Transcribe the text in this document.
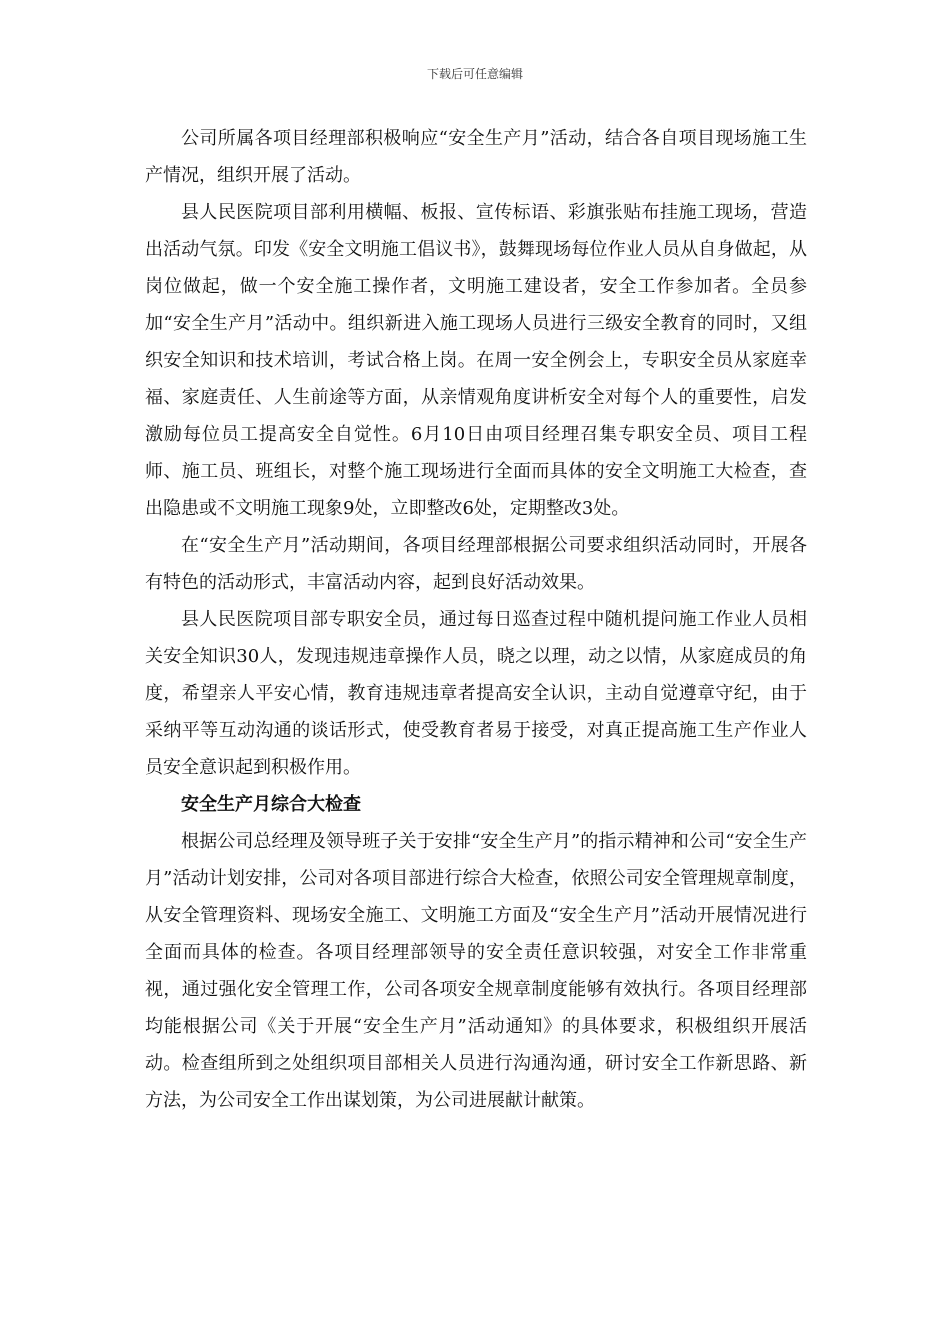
下载后可任意编辑

公司所属各项目经理部积极响应“安全生产月”活动，结合各自项目现场施工生产情况，组织开展了活动。

县人民医院项目部利用横幅、板报、宣传标语、彩旗张贴布挂施工现场，营造出活动气氛。印发《安全文明施工倡议书》，鼓舞现场每位作业人员从自身做起，从岗位做起，做一个安全施工操作者，文明施工建设者，安全工作参加者。全员参加“安全生产月”活动中。组织新进入施工现场人员进行三级安全教育的同时，又组织安全知识和技术培训，考试合格上岗。在周一安全例会上，专职安全员从家庭幸福、家庭责任、人生前途等方面，从亲情观角度讲析安全对每个人的重要性，启发激励每位员工提高安全自觉性。6月10日由项目经理召集专职安全员、项目工程师、施工员、班组长，对整个施工现场进行全面而具体的安全文明施工大检查，查出隐患或不文明施工现象9处，立即整改6处，定期整改3处。

在“安全生产月”活动期间，各项目经理部根据公司要求组织活动同时，开展各有特色的活动形式，丰富活动内容，起到良好活动效果。

县人民医院项目部专职安全员，通过每日巡查过程中随机提问施工作业人员相关安全知识30人，发现违规违章操作人员，晓之以理，动之以情，从家庭成员的角度，希望亲人平安心情，教育违规违章者提高安全认识，主动自觉遵章守纪，由于采纳平等互动沟通的谈话形式，使受教育者易于接受，对真正提高施工生产作业人员安全意识起到积极作用。

安全生产月综合大检查

根据公司总经理及领导班子关于安排“安全生产月”的指示精神和公司“安全生产月”活动计划安排，公司对各项目部进行综合大检查，依照公司安全管理规章制度，从安全管理资料、现场安全施工、文明施工方面及“安全生产月”活动开展情况进行全面而具体的检查。各项目经理部领导的安全责任意识较强，对安全工作非常重视，通过强化安全管理工作，公司各项安全规章制度能够有效执行。各项目经理部均能根据公司《关于开展“安全生产月”活动通知》的具体要求，积极组织开展活动。检查组所到之处组织项目部相关人员进行沟通沟通，研讨安全工作新思路、新方法，为公司安全工作出谋划策，为公司进展献计献策。
